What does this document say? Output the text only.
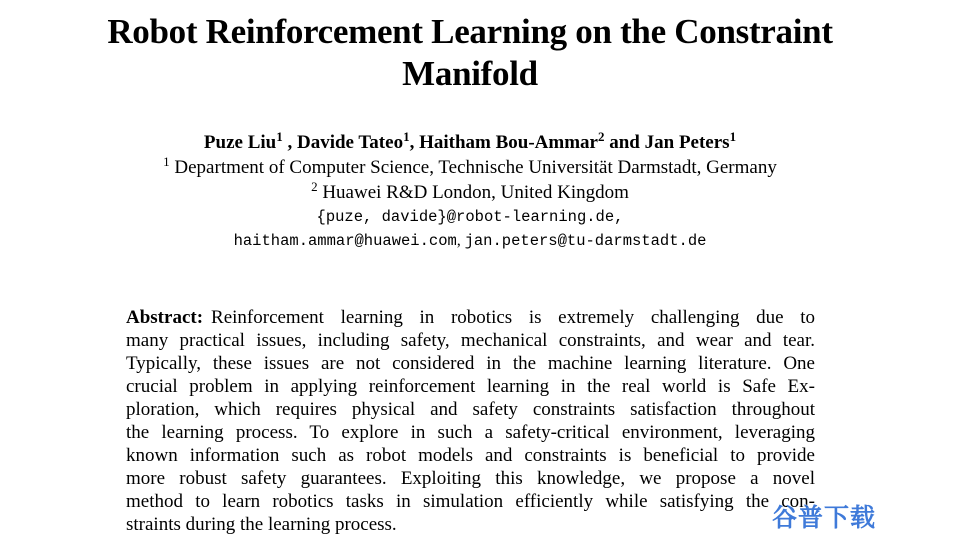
Robot Reinforcement Learning on the Constraint
Manifold
Puze Liu$^1$ , Davide Tateo$^1$, Haitham Bou-Ammar$^2$ and Jan Peters$^1$
$^1$ Department of Computer Science, Technische Universität Darmstadt, Germany
$^2$ Huawei R&D London, United Kingdom
{puze, davide}@robot-learning.de,
haitham.ammar@huawei.com, jan.peters@tu-darmstadt.de
Abstract: Reinforcement learning in robotics is extremely challenging due to
many practical issues, including safety, mechanical constraints, and wear and tear.
Typically, these issues are not considered in the machine learning literature. One
crucial problem in applying reinforcement learning in the real world is Safe Ex-
ploration, which requires physical and safety constraints satisfaction throughout
the learning process. To explore in such a safety-critical environment, leveraging
known information such as robot models and constraints is beneficial to provide
more robust safety guarantees. Exploiting this knowledge, we propose a novel
method to learn robotics tasks in simulation efficiently while satisfying the con-
straints during the learning process.	谷普下载
